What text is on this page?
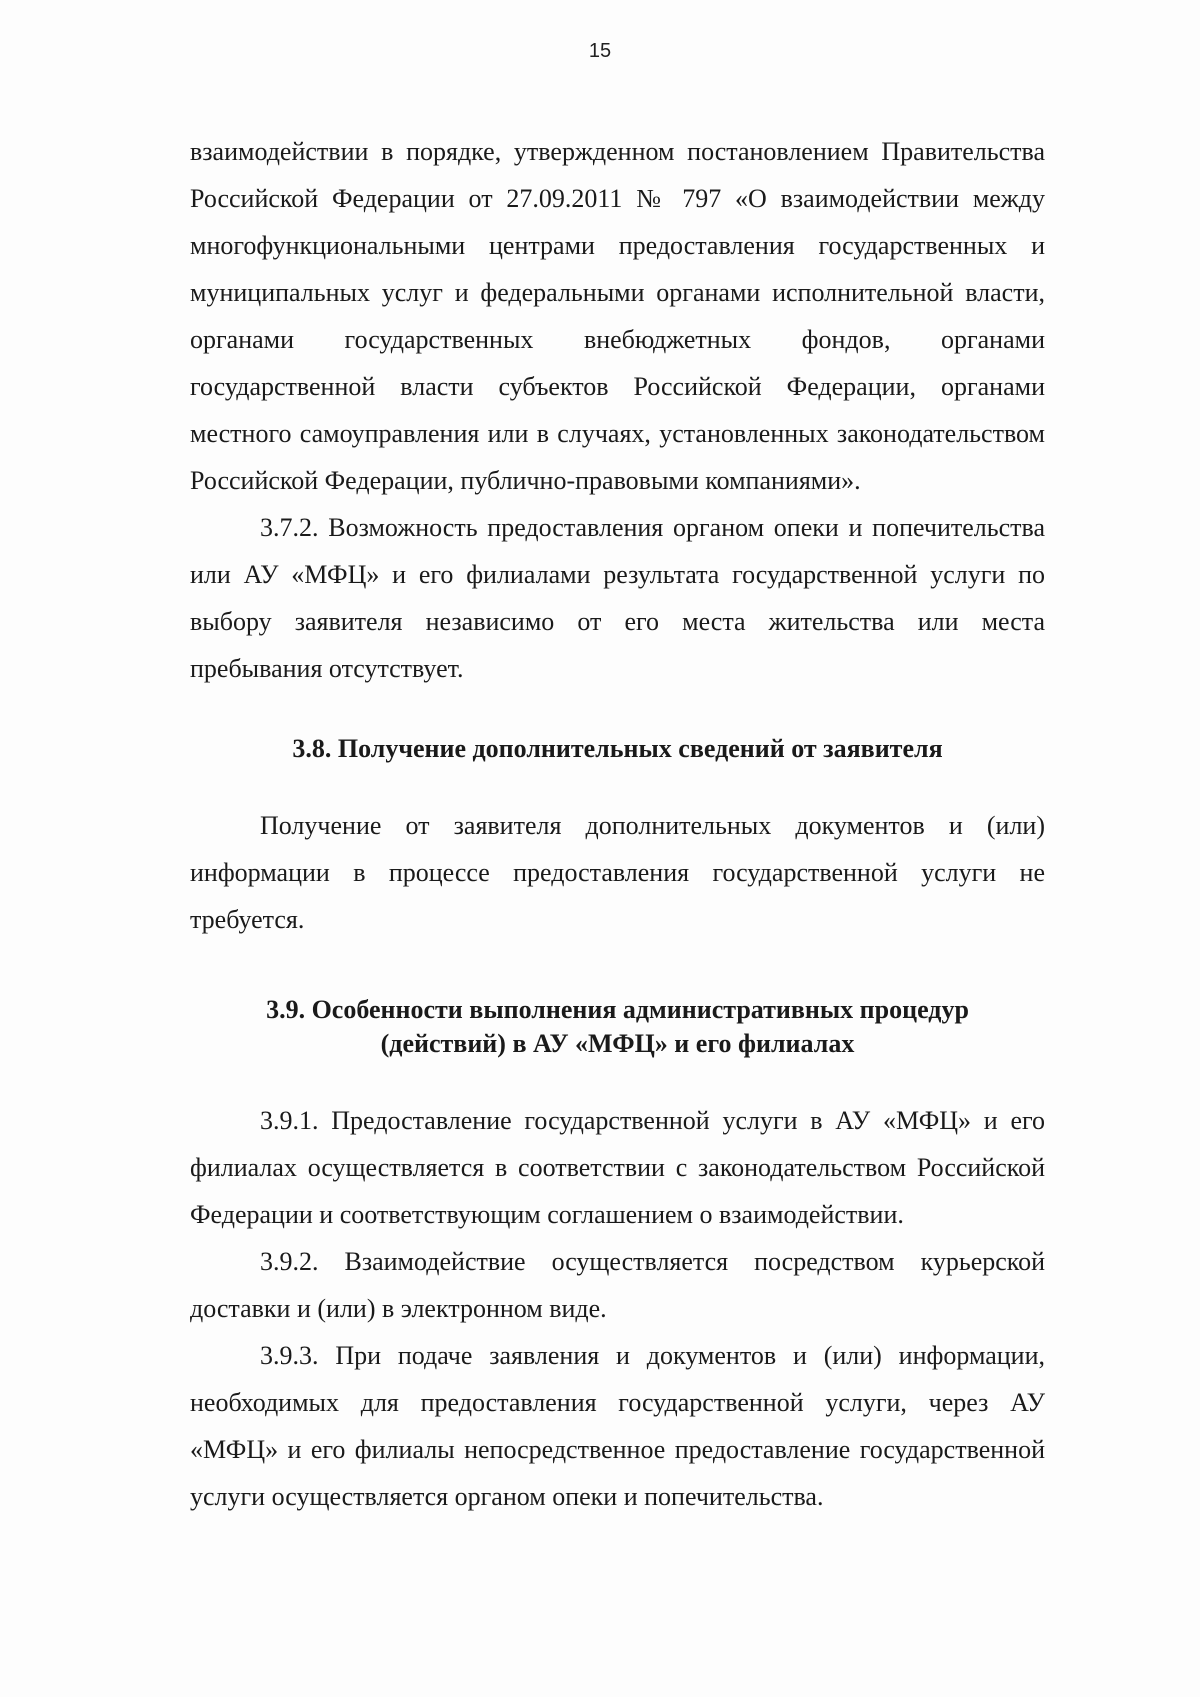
15

взаимодействии в порядке, утвержденном постановлением Правительства Российской Федерации от 27.09.2011 № 797 «О взаимодействии между многофункциональными центрами предоставления государственных и муниципальных услуг и федеральными органами исполнительной власти, органами государственных внебюджетных фондов, органами государственной власти субъектов Российской Федерации, органами местного самоуправления или в случаях, установленных законодательством Российской Федерации, публично-правовыми компаниями».

3.7.2. Возможность предоставления органом опеки и попечительства или АУ «МФЦ» и его филиалами результата государственной услуги по выбору заявителя независимо от его места жительства или места пребывания отсутствует.

3.8. Получение дополнительных сведений от заявителя

Получение от заявителя дополнительных документов и (или) информации в процессе предоставления государственной услуги не требуется.

3.9. Особенности выполнения административных процедур
(действий) в АУ «МФЦ» и его филиалах

3.9.1. Предоставление государственной услуги в АУ «МФЦ» и его филиалах осуществляется в соответствии с законодательством Российской Федерации и соответствующим соглашением о взаимодействии.

3.9.2. Взаимодействие осуществляется посредством курьерской доставки и (или) в электронном виде.

3.9.3. При подаче заявления и документов и (или) информации, необходимых для предоставления государственной услуги, через АУ «МФЦ» и его филиалы непосредственное предоставление государственной услуги осуществляется органом опеки и попечительства.
